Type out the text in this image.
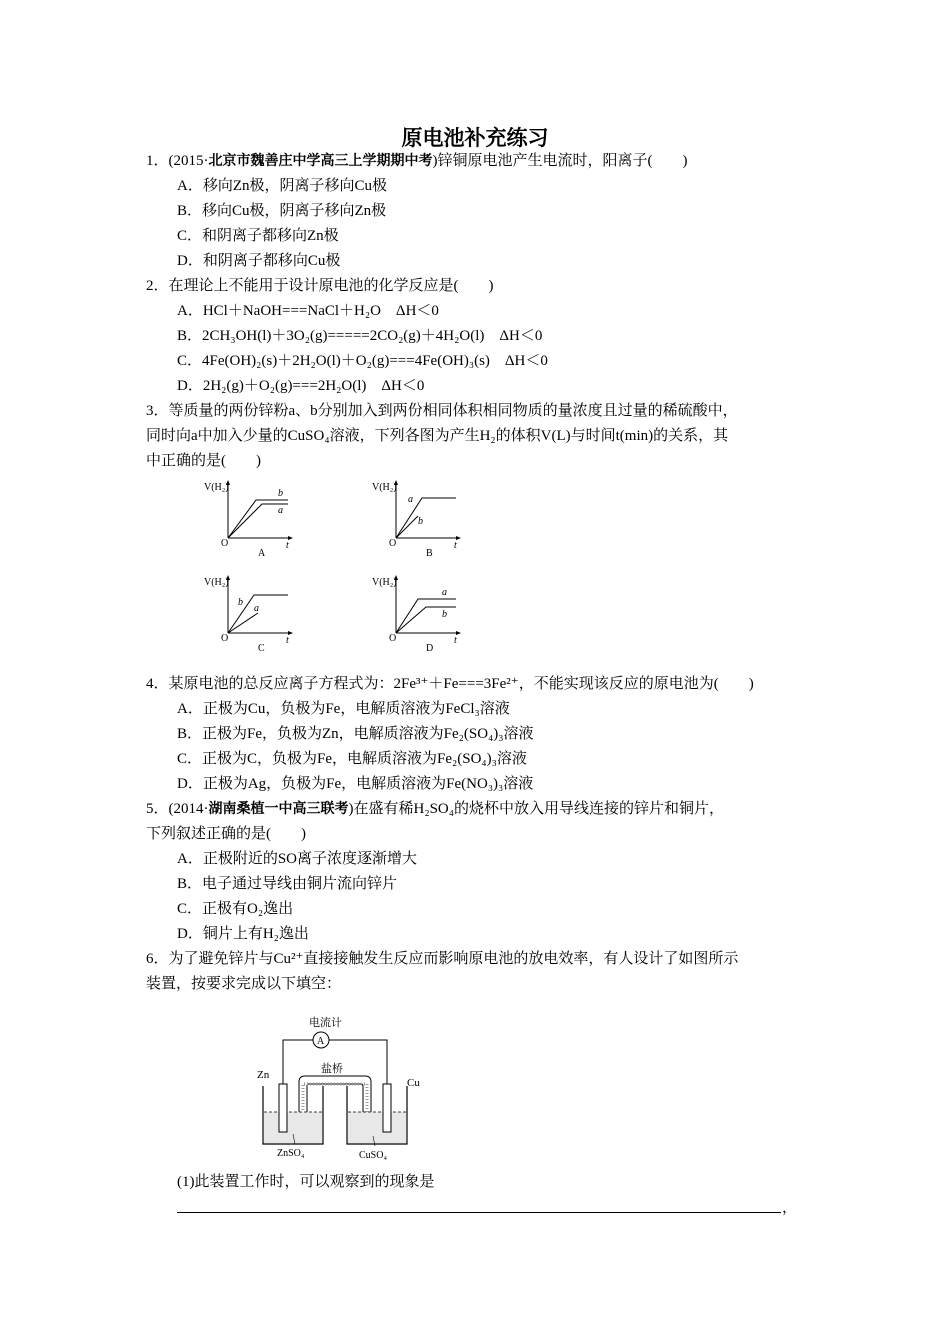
原电池补充练习
1．(2015·北京市魏善庄中学高三上学期期中考)锌铜原电池产生电流时，阳离子(　　)
A．移向Zn极，阴离子移向Cu极
B．移向Cu极，阴离子移向Zn极
C．和阴离子都移向Zn极
D．和阴离子都移向Cu极
2．在理论上不能用于设计原电池的化学反应是(　　)
A．HCl＋NaOH===NaCl＋H₂O　ΔH＜0
B．2CH₃OH(l)＋3O₂(g)=====2CO₂(g)＋4H₂O(l)　ΔH＜0
C．4Fe(OH)₂(s)＋2H₂O(l)＋O₂(g)===4Fe(OH)₃(s)　ΔH＜0
D．2H₂(g)＋O₂(g)===2H₂O(l)　ΔH＜0
3．等质量的两份锌粉a、b分别加入到两份相同体积相同物质的量浓度且过量的稀硫酸中，
同时向a中加入少量的CuSO₄溶液，下列各图为产生H₂的体积V(L)与时间t(min)的关系，其
中正确的是(　　)
V(H₂)
O	t
b
a
A
V(H₂)
O	t
a
b
B
V(H₂)
O	t
b
a
C
V(H₂)
O	t
a
b
D
4．某原电池的总反应离子方程式为：2Fe³⁺＋Fe===3Fe²⁺，不能实现该反应的原电池为(　　)
A．正极为Cu，负极为Fe，电解质溶液为FeCl₃溶液
B．正极为Fe，负极为Zn，电解质溶液为Fe₂(SO₄)₃溶液
C．正极为C，负极为Fe，电解质溶液为Fe₂(SO₄)₃溶液
D．正极为Ag，负极为Fe，电解质溶液为Fe(NO₃)₃溶液
5．(2014·湖南桑植一中高三联考)在盛有稀H₂SO₄的烧杯中放入用导线连接的锌片和铜片，
下列叙述正确的是(　　)
A．正极附近的SO离子浓度逐渐增大
B．电子通过导线由铜片流向锌片
C．正极有O₂逸出
D．铜片上有H₂逸出
6．为了避免锌片与Cu²⁺直接接触发生反应而影响原电池的放电效率，有人设计了如图所示
装置，按要求完成以下填空：
电流计
A
盐桥
Zn
Cu
ZnSO₄	CuSO₄
(1)此装置工作时，可以观察到的现象是
，
